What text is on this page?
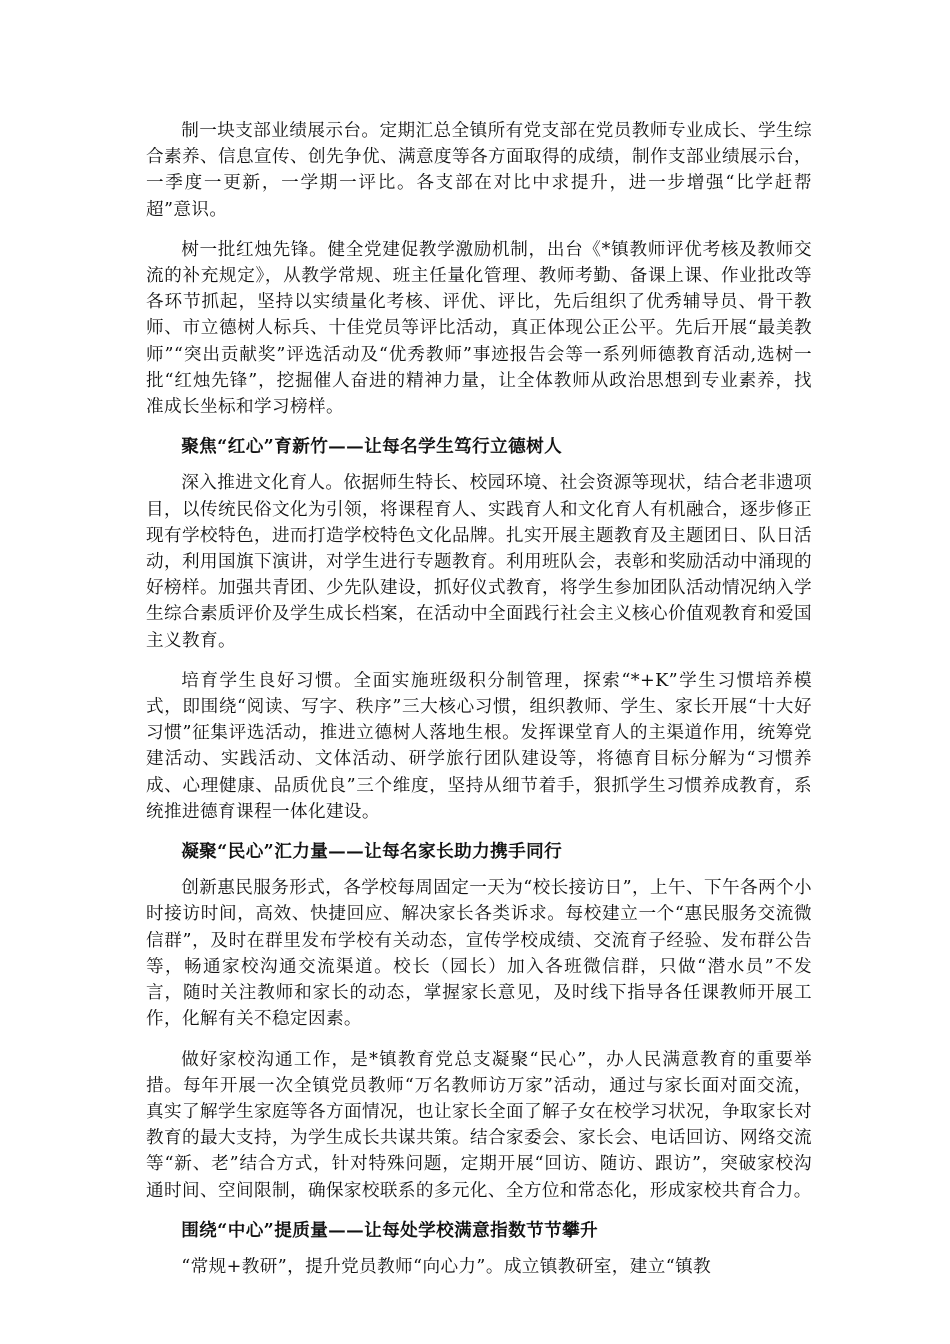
制一块支部业绩展示台。定期汇总全镇所有党支部在党员教师专业成长、学生综合素养、信息宣传、创先争优、满意度等各方面取得的成绩，制作支部业绩展示台，一季度一更新，一学期一评比。各支部在对比中求提升，进一步增强“比学赶帮超”意识。

树一批红烛先锋。健全党建促教学激励机制，出台《*镇教师评优考核及教师交流的补充规定》，从教学常规、班主任量化管理、教师考勤、备课上课、作业批改等各环节抓起，坚持以实绩量化考核、评优、评比，先后组织了优秀辅导员、骨干教师、市立德树人标兵、十佳党员等评比活动，真正体现公正公平。先后开展“最美教师”“突出贡献奖”评选活动及“优秀教师”事迹报告会等一系列师德教育活动,选树一批“红烛先锋”，挖掘催人奋进的精神力量，让全体教师从政治思想到专业素养，找准成长坐标和学习榜样。

聚焦“红心”育新竹——让每名学生笃行立德树人

深入推进文化育人。依据师生特长、校园环境、社会资源等现状，结合老非遗项目，以传统民俗文化为引领，将课程育人、实践育人和文化育人有机融合，逐步修正现有学校特色，进而打造学校特色文化品牌。扎实开展主题教育及主题团日、队日活动，利用国旗下演讲，对学生进行专题教育。利用班队会，表彰和奖励活动中涌现的好榜样。加强共青团、少先队建设，抓好仪式教育，将学生参加团队活动情况纳入学生综合素质评价及学生成长档案，在活动中全面践行社会主义核心价值观教育和爱国主义教育。

培育学生良好习惯。全面实施班级积分制管理，探索“*+K”学生习惯培养模式，即围绕“阅读、写字、秩序”三大核心习惯，组织教师、学生、家长开展“十大好习惯”征集评选活动，推进立德树人落地生根。发挥课堂育人的主渠道作用，统筹党建活动、实践活动、文体活动、研学旅行团队建设等，将德育目标分解为“习惯养成、心理健康、品质优良”三个维度，坚持从细节着手，狠抓学生习惯养成教育，系统推进德育课程一体化建设。

凝聚“民心”汇力量——让每名家长助力携手同行

创新惠民服务形式，各学校每周固定一天为“校长接访日”，上午、下午各两个小时接访时间，高效、快捷回应、解决家长各类诉求。每校建立一个“惠民服务交流微信群”，及时在群里发布学校有关动态，宣传学校成绩、交流育子经验、发布群公告等，畅通家校沟通交流渠道。校长（园长）加入各班微信群，只做“潜水员”不发言，随时关注教师和家长的动态，掌握家长意见，及时线下指导各任课教师开展工作，化解有关不稳定因素。

做好家校沟通工作，是*镇教育党总支凝聚“民心”，办人民满意教育的重要举措。每年开展一次全镇党员教师“万名教师访万家”活动，通过与家长面对面交流，真实了解学生家庭等各方面情况，也让家长全面了解子女在校学习状况，争取家长对教育的最大支持，为学生成长共谋共策。结合家委会、家长会、电话回访、网络交流等“新、老”结合方式，针对特殊问题，定期开展“回访、随访、跟访”，突破家校沟通时间、空间限制，确保家校联系的多元化、全方位和常态化，形成家校共育合力。

围绕“中心”提质量——让每处学校满意指数节节攀升

“常规+教研”，提升党员教师“向心力”。成立镇教研室，建立“镇教
